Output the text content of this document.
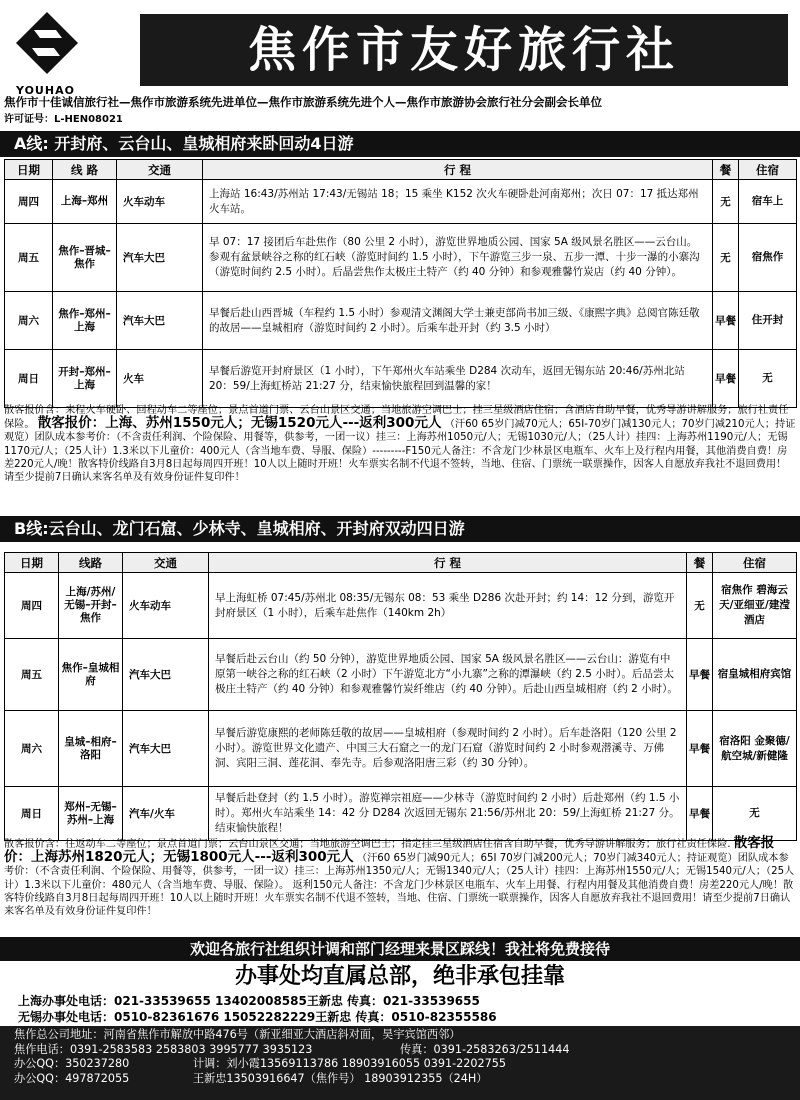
YOUHAO
焦作市友好旅行社
焦作市十佳诚信旅行社—焦作市旅游系统先进单位—焦作市旅游系统先进个人—焦作市旅游协会旅行社分会副会长单位
许可证号：L-HEN08021
A线: 开封府、云台山、皇城相府来卧回动4日游
日期	线 路	交通	行 程	餐	住宿
周四	上海–郑州	火车动车	上海站 16:43/苏州站 17:43/无锡站 18；15 乘坐 K152 次火车硬卧赴河南郑州；次日 07：17 抵达郑州火车站。	无	宿车上
周五	焦作–晋城–焦作	汽车大巴	早 07：17 接团后车赴焦作（80 公里 2 小时），游览世界地质公园、国家 5A 级风景名胜区——云台山。参观有盆景峡谷之称的红石峡（游览时间约 1.5 小时），下午游览三步一泉、五步一潭、十步一瀑的小寨沟（游览时间约 2.5 小时）。后晶尝焦作太极庄土特产（约 40 分钟）和参观雅馨竹炭店（约 40 分钟）。	无	宿焦作
周六	焦作–郑州–上海	汽车大巴	早餐后赴山西晋城（车程约 1.5 小时）参观清文渊阁大学士兼吏部尚书加三级、《康熙字典》总阅官陈廷敬的故居——皇城相府（游览时间约 2 小时）。后乘车赴开封（约 3.5 小时）	早餐	住开封
周日	开封–郑州–上海	火车	早餐后游览开封府景区（1 小时），下午郑州火车站乘坐 D284 次动车，返回无锡东站 20:46/苏州北站 20：59/上海虹桥站 21:27 分，结束愉快旅程回到温馨的家！	早餐	无
散客报价含：来程火车硬卧、回程动车二等座位；景点首道门票、云台山景区交通；当地旅游空调巴士；挂三星级酒店住宿；含酒店自助早餐，优秀导游讲解服务；旅行社责任保险。 散客报价：上海、苏州1550元人；无锡1520元人---返利300元人 （汗60 65岁门减70元人；65I-70岁门减130元人；70岁门减210元人；持证观览）团队成本参考价：（不含责任利润、个险保险、用餐等，供参考，一团一议）挂三：上海苏州1050元/人；无锡1030元/人；（25人计）挂四：上海苏州1190元/人；无锡1170元/人；（25人计）1.3米以下儿童价：400元人（含当地车费、导服、保险）---------F150元人备注：不含龙门少林景区电瓶车、火车上及行程内用餐，其他消费自费！房差220元人/晚！散客特价线路自3月8日起每周四开班！10人以上随时开班！火车票实名制不代退不签转，当地、住宿、门票统一联票操作，因客人自愿放弃我社不退回费用！请至少提前7日确认来客名单及有效身份证件复印件！
B线:云台山、龙门石窟、少林寺、皇城相府、开封府双动四日游
日期	线路	交通	行 程	餐	住宿
周四	上海/苏州/无锡–开封–焦作	火车动车	早上海虹桥 07:45/苏州北 08:35/无锡东 08：53 乘坐 D286 次赴开封；约 14：12 分到，游览开封府景区（1 小时），后乘车赴焦作（140km 2h）	无	宿焦作 碧海云天/亚细亚/建滢酒店
周五	焦作–皇城相府	汽车大巴	早餐后赴云台山（约 50 分钟），游览世界地质公园、国家 5A 级风景名胜区——云台山：游览有中原第一峡谷之称的红石峡（2 小时）下午游览北方“小九寨”之称的潭瀑峡（约 2.5 小时）。后品尝太极庄土特产（约 40 分钟）和参观雅馨竹炭纤维店（约 40 分钟）。后赴山西皇城相府（约 2 小时）。	早餐	宿皇城相府宾馆
周六	皇城–相府–洛阳	汽车大巴	早餐后游览康熙的老师陈廷敬的故居——皇城相府（参观时间约 2 小时）。后车赴洛阳（120 公里 2 小时）。游览世界文化遗产、中国三大石窟之一的龙门石窟（游览时间约 2 小时参观潜溪寺、万佛洞、宾阳三洞、莲花洞、奉先寺。后参观洛阳唐三彩（约 30 分钟）。	早餐	宿洛阳 金聚德/航空城/新健隆
周日	郑州–无锡–苏州–上海	汽车/火车	早餐后赴登封（约 1.5 小时）。游览禅宗祖庭——少林寺（游览时间约 2 小时）后赴郑州（约 1.5 小时）。郑州火车站乘坐 14：42 分 D284 次返回无锡东 21:56/苏州北 20：59/上海虹桥 21:27 分。结束愉快旅程！	早餐	无
散客报价含：往返动车二等座位；景点首道门票；云台山景区交通；当地旅游空调巴士；指定挂三星级酒店住宿含自助早餐，优秀导游讲解服务；旅行社责任保险. 散客报价：上海苏州1820元人；无锡1800元人---返利300元人 （汗60 65岁门减90元人；65I 70岁门减200元人；70岁门减340元人；持证观览）团队成本参考价：（不含责任利润、个险保险、用餐等，供参考，一团一议）挂三：上海苏州1350元/人；无锡1340元/人；（25人计）挂四：上海苏州1550元/人；无锡1540元/人；（25人计）1.3米以下儿童价：480元人（含当地车费、导服、保险）。 返利150元人备注：不含龙门少林景区电瓶车、火车上用餐、行程内用餐及其他消费自费！房差220元人/晚！散客特价线路自3月8日起每周四开班！10人以上随时开班！火车票实名制不代退不签转，当地、住宿、门票统一联票操作，因客人自愿放弃我社不退回费用！请至少提前7日确认来客名单及有效身份证件复印件！
欢迎各旅行社组织计调和部门经理来景区踩线！我社将免费接待
办事处均直属总部，绝非承包挂靠
上海办事处电话：021-33539655 13402008585王新忠 传真：021-33539655
无锡办事处电话：0510-82361676 15052282229王新忠 传真：0510-82355586
焦作总公司地址：河南省焦作市解放中路476号（新亚细亚大酒店斜对面，昊宇宾馆西邻）
焦作电话：0391-2583583 2583803 3995777 3935123	传真：0391-2583263/2511444
办公QQ：350237280	计调：刘小霞13569113786 18903916055 0391-2202755
办公QQ：497872055	王新忠13503916647（焦作号） 18903912355（24H）
